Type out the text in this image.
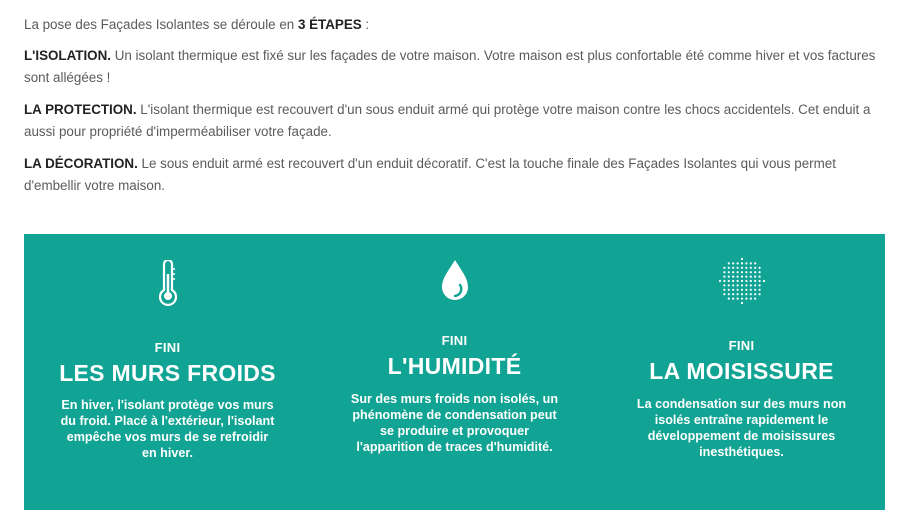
La pose des Façades Isolantes se déroule en 3 ÉTAPES :

L'ISOLATION. Un isolant thermique est fixé sur les façades de votre maison. Votre maison est plus confortable été comme hiver et vos factures sont allégées !

LA PROTECTION. L'isolant thermique est recouvert d'un sous enduit armé qui protège votre maison contre les chocs accidentels. Cet enduit a aussi pour propriété d'imperméabiliser votre façade.

LA DÉCORATION. Le sous enduit armé est recouvert d'un enduit décoratif. C'est la touche finale des Façades Isolantes qui vous permet d'embellir votre maison.

FINI
LES MURS FROIDS
En hiver, l'isolant protège vos murs
du froid. Placé à l'extérieur, l'isolant
empêche vos murs de se refroidir
en hiver.
FINI
L'HUMIDITÉ
Sur des murs froids non isolés, un
phénomène de condensation peut
se produire et provoquer
l'apparition de traces d'humidité.
FINI
LA MOISISSURE
La condensation sur des murs non
isolés entraîne rapidement le
développement de moisissures
inesthétiques.
